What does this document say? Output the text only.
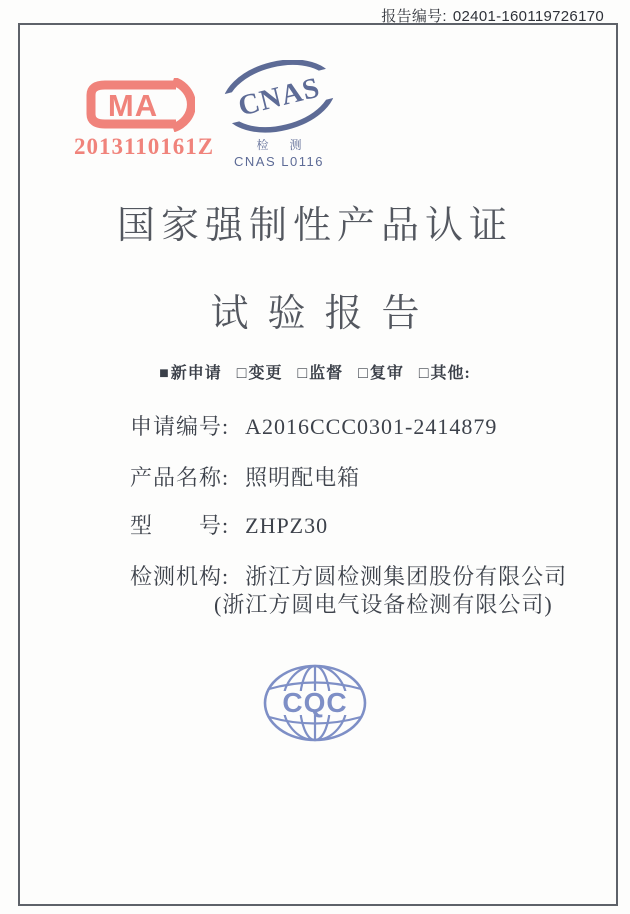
报告编号: 02401-160119726170
MA
2013110161Z
CNAS
检 测
CNAS L0116
国家强制性产品认证
试验报告
■新申请 □变更 □监督 □复审 □其他:
申请编号: A2016CCC0301-2414879
产品名称: 照明配电箱
型　　号: ZHPZ30
检测机构: 浙江方圆检测集团股份有限公司
(浙江方圆电气设备检测有限公司)
CQC
